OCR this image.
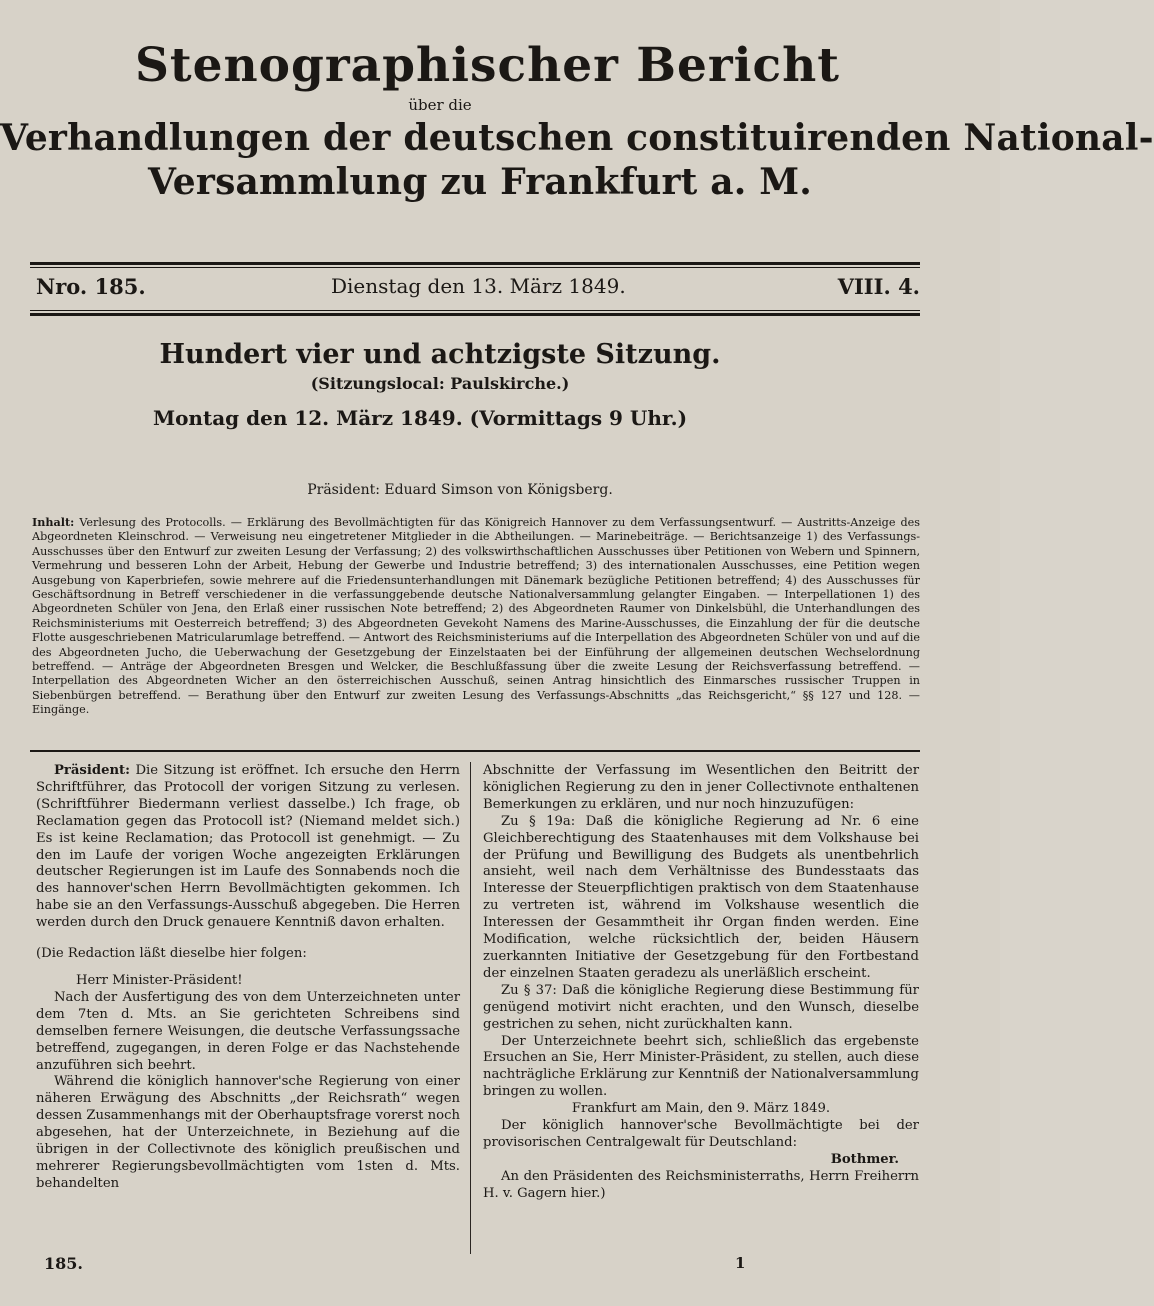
Stenographischer Bericht
über die
Verhandlungen der deutschen constituirenden National-
Versammlung zu Frankfurt a. M.
Nro. 185.	Dienstag den 13. März 1849.	VIII. 4.
Hundert vier und achtzigste Sitzung.
(Sitzungslocal: Paulskirche.)
Montag den 12. März 1849. (Vormittags 9 Uhr.)
Präsident: Eduard Simson von Königsberg.
Inhalt: Verlesung des Protocolls. — Erklärung des Bevollmächtigten für das Königreich Hannover zu dem Verfassungsentwurf. — Austritts-Anzeige des Abgeordneten Kleinschrod. — Verweisung neu eingetretener Mitglieder in die Abtheilungen. — Marinebeiträge. — Berichtsanzeige 1) des Verfassungs-Ausschusses über den Entwurf zur zweiten Lesung der Verfassung; 2) des volkswirthschaftlichen Ausschusses über Petitionen von Webern und Spinnern, Vermehrung und besseren Lohn der Arbeit, Hebung der Gewerbe und Industrie betreffend; 3) des internationalen Ausschusses, eine Petition wegen Ausgebung von Kaperbriefen, sowie mehrere auf die Friedensunterhandlungen mit Dänemark bezügliche Petitionen betreffend; 4) des Ausschusses für Geschäftsordnung in Betreff verschiedener in die verfassunggebende deutsche Nationalversammlung gelangter Eingaben. — Interpellationen 1) des Abgeordneten Schüler von Jena, den Erlaß einer russischen Note betreffend; 2) des Abgeordneten Raumer von Dinkelsbühl, die Unterhandlungen des Reichsministeriums mit Oesterreich betreffend; 3) des Abgeordneten Gevekoht Namens des Marine-Ausschusses, die Einzahlung der für die deutsche Flotte ausgeschriebenen Matricularumlage betreffend. — Antwort des Reichsministeriums auf die Interpellation des Abgeordneten Schüler von und auf die des Abgeordneten Jucho, die Ueberwachung der Gesetzgebung der Einzelstaaten bei der Einführung der allgemeinen deutschen Wechselordnung betreffend. — Anträge der Abgeordneten Bresgen und Welcker, die Beschlußfassung über die zweite Lesung der Reichsverfassung betreffend. — Interpellation des Abgeordneten Wicher an den österreichischen Ausschuß, seinen Antrag hinsichtlich des Einmarsches russischer Truppen in Siebenbürgen betreffend. — Berathung über den Entwurf zur zweiten Lesung des Verfassungs-Abschnitts „das Reichsgericht,“ §§ 127 und 128. — Eingänge.

Präsident: Die Sitzung ist eröffnet. Ich ersuche den Herrn Schriftführer, das Protocoll der vorigen Sitzung zu verlesen. (Schriftführer Biedermann verliest dasselbe.) Ich frage, ob Reclamation gegen das Protocoll ist? (Niemand meldet sich.) Es ist keine Reclamation; das Protocoll ist genehmigt. — Zu den im Laufe der vorigen Woche angezeigten Erklärungen deutscher Regierungen ist im Laufe des Sonnabends noch die des hannover'schen Herrn Bevollmächtigten gekommen. Ich habe sie an den Verfassungs-Ausschuß abgegeben. Die Herren werden durch den Druck genauere Kenntniß davon erhalten.

(Die Redaction läßt dieselbe hier folgen:

Herr Minister-Präsident!

Nach der Ausfertigung des von dem Unterzeichneten unter dem 7ten d. Mts. an Sie gerichteten Schreibens sind demselben fernere Weisungen, die deutsche Verfassungssache betreffend, zugegangen, in deren Folge er das Nachstehende anzuführen sich beehrt.

Während die königlich hannover'sche Regierung von einer näheren Erwägung des Abschnitts „der Reichsrath“ wegen dessen Zusammenhangs mit der Oberhauptsfrage vorerst noch abgesehen, hat der Unterzeichnete, in Beziehung auf die übrigen in der Collectivnote des königlich preußischen und mehrerer Regierungsbevollmächtigten vom 1sten d. Mts. behandelten

Abschnitte der Verfassung im Wesentlichen den Beitritt der königlichen Regierung zu den in jener Collectivnote enthaltenen Bemerkungen zu erklären, und nur noch hinzuzufügen:

Zu § 19a: Daß die königliche Regierung ad Nr. 6 eine Gleichberechtigung des Staatenhauses mit dem Volkshause bei der Prüfung und Bewilligung des Budgets als unentbehrlich ansieht, weil nach dem Verhältnisse des Bundesstaats das Interesse der Steuerpflichtigen praktisch von dem Staatenhause zu vertreten ist, während im Volkshause wesentlich die Interessen der Gesammtheit ihr Organ finden werden. Eine Modification, welche rücksichtlich der, beiden Häusern zuerkannten Initiative der Gesetzgebung für den Fortbestand der einzelnen Staaten geradezu als unerläßlich erscheint.

Zu § 37: Daß die königliche Regierung diese Bestimmung für genügend motivirt nicht erachten, und den Wunsch, dieselbe gestrichen zu sehen, nicht zurückhalten kann.

Der Unterzeichnete beehrt sich, schließlich das ergebenste Ersuchen an Sie, Herr Minister-Präsident, zu stellen, auch diese nachträgliche Erklärung zur Kenntniß der Nationalversammlung bringen zu wollen.

Frankfurt am Main, den 9. März 1849.

Der königlich hannover'sche Bevollmächtigte bei der provisorischen Centralgewalt für Deutschland:

Bothmer.

An den Präsidenten des Reichsministerraths, Herrn Freiherrn H. v. Gagern hier.)

185.	1
